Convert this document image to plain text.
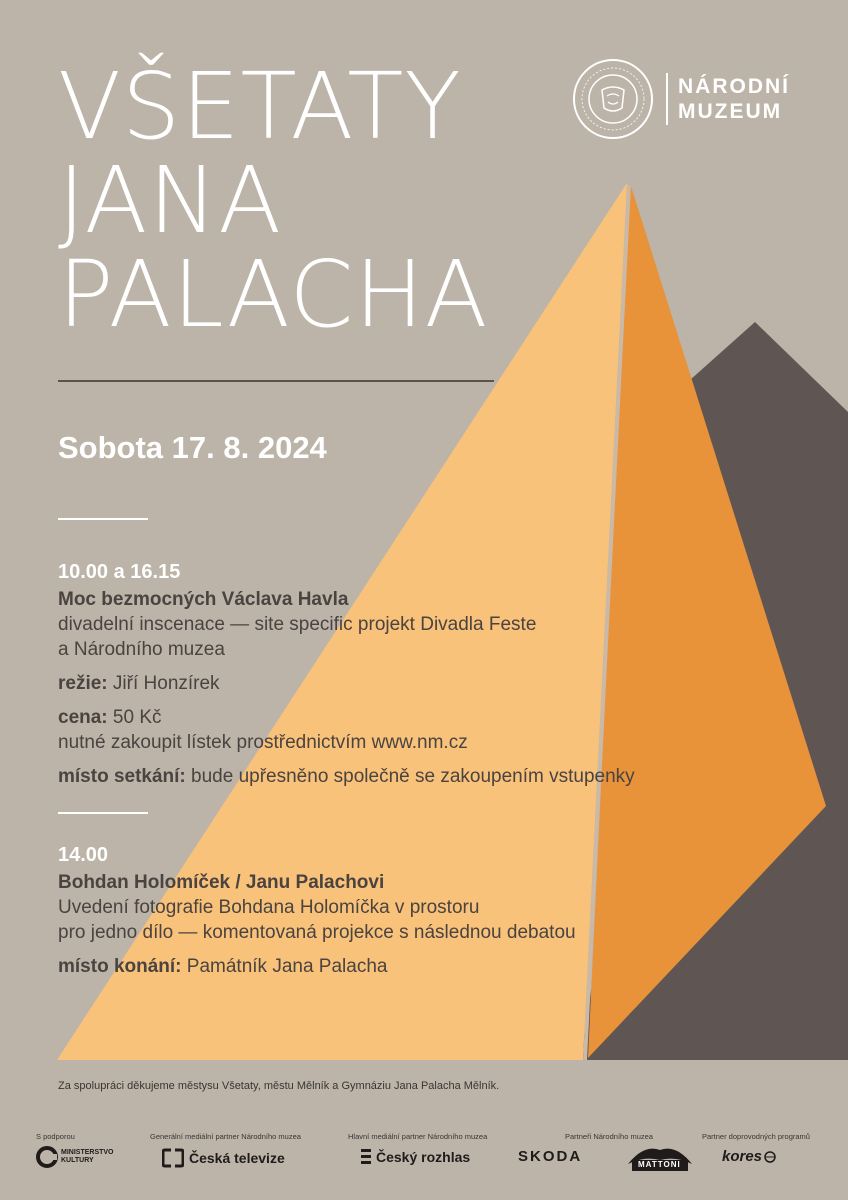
VŠETATY
JANA
PALACHA
NÁRODNÍ
MUZEUM
Sobota 17. 8. 2024
10.00 a 16.15
Moc bezmocných Václava Havla
divadelní inscenace — site specific projekt Divadla Feste
a Národního muzea
režie: Jiří Honzírek
cena: 50 Kč
nutné zakoupit lístek prostřednictvím www.nm.cz
místo setkání: bude upřesněno společně se zakoupením vstupenky
14.00
Bohdan Holomíček / Janu Palachovi
Uvedení fotografie Bohdana Holomíčka v prostoru
pro jedno dílo — komentovaná projekce s následnou debatou
místo konání: Památník Jana Palacha
Za spolupráci děkujeme městysu Všetaty, městu Mělník a Gymnáziu Jana Palacha Mělník.
S podporou	Generální mediální partner Národního muzea	Hlavní mediální partner Národního muzea	Partneři Národního muzea	Partner doprovodných programů
MINISTERSTVO
KULTURY	Česká televize	Český rozhlas	SKODA	MATTONI	kores
